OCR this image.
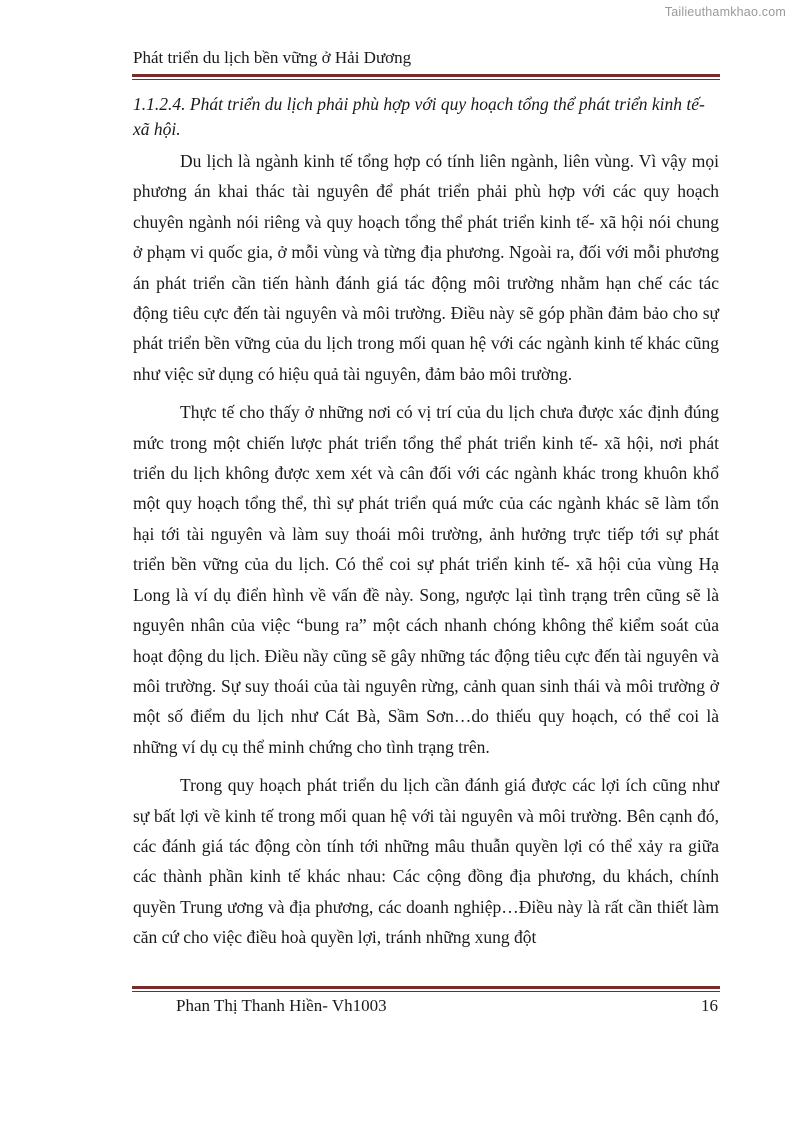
Tailieuthamkhao.com
Phát triển du lịch bền vững ở Hải Dương

1.1.2.4. Phát triển du lịch phải phù hợp với quy hoạch tổng thể phát triển kinh tế-xã hội.

Du lịch là ngành kinh tế tổng hợp có tính liên ngành, liên vùng. Vì vậy mọi phương án khai thác tài nguyên để phát triển phải phù hợp với các quy hoạch chuyên ngành nói riêng và quy hoạch tổng thể phát triển kinh tế- xã hội nói chung ở phạm vi quốc gia, ở mỗi vùng và từng địa phương. Ngoài ra, đối với mỗi phương án phát triển cần tiến hành đánh giá tác động môi trường nhằm hạn chế các tác động tiêu cực đến tài nguyên và môi trường. Điều này sẽ góp phần đảm bảo cho sự phát triển bền vững của du lịch trong mối quan hệ với các ngành kinh tế khác cũng như việc sử dụng có hiệu quả tài nguyên, đảm bảo môi trường.

Thực tế cho thấy ở những nơi có vị trí của du lịch chưa được xác định đúng mức trong một chiến lược phát triển tổng thể phát triển kinh tế- xã hội, nơi phát triển du lịch không được xem xét và cân đối với các ngành khác trong khuôn khổ một quy hoạch tổng thể, thì sự phát triển quá mức của các ngành khác sẽ làm tổn hại tới tài nguyên và làm suy thoái môi trường, ảnh hưởng trực tiếp tới sự phát triển bền vững của du lịch. Có thể coi sự phát triển kinh tế- xã hội của vùng Hạ Long là ví dụ điển hình về vấn đề này. Song, ngược lại tình trạng trên cũng sẽ là nguyên nhân của việc “bung ra” một cách nhanh chóng không thể kiểm soát của hoạt động du lịch. Điều nầy cũng sẽ gây những tác động tiêu cực đến tài nguyên và môi trường. Sự suy thoái của tài nguyên rừng, cảnh quan sinh thái và môi trường ở một số điểm du lịch như Cát Bà, Sầm Sơn…do thiếu quy hoạch, có thể coi là những ví dụ cụ thể minh chứng cho tình trạng trên.

Trong quy hoạch phát triển du lịch cần đánh giá được các lợi ích cũng như sự bất lợi về kinh tế trong mối quan hệ với tài nguyên và môi trường. Bên cạnh đó, các đánh giá tác động còn tính tới những mâu thuẫn quyền lợi có thể xảy ra giữa các thành phần kinh tế khác nhau: Các cộng đồng địa phương, du khách, chính quyền Trung ương và địa phương, các doanh nghiệp…Điều này là rất cần thiết làm căn cứ cho việc điều hoà quyền lợi, tránh những xung đột

Phan Thị Thanh Hiền- Vh1003	16
